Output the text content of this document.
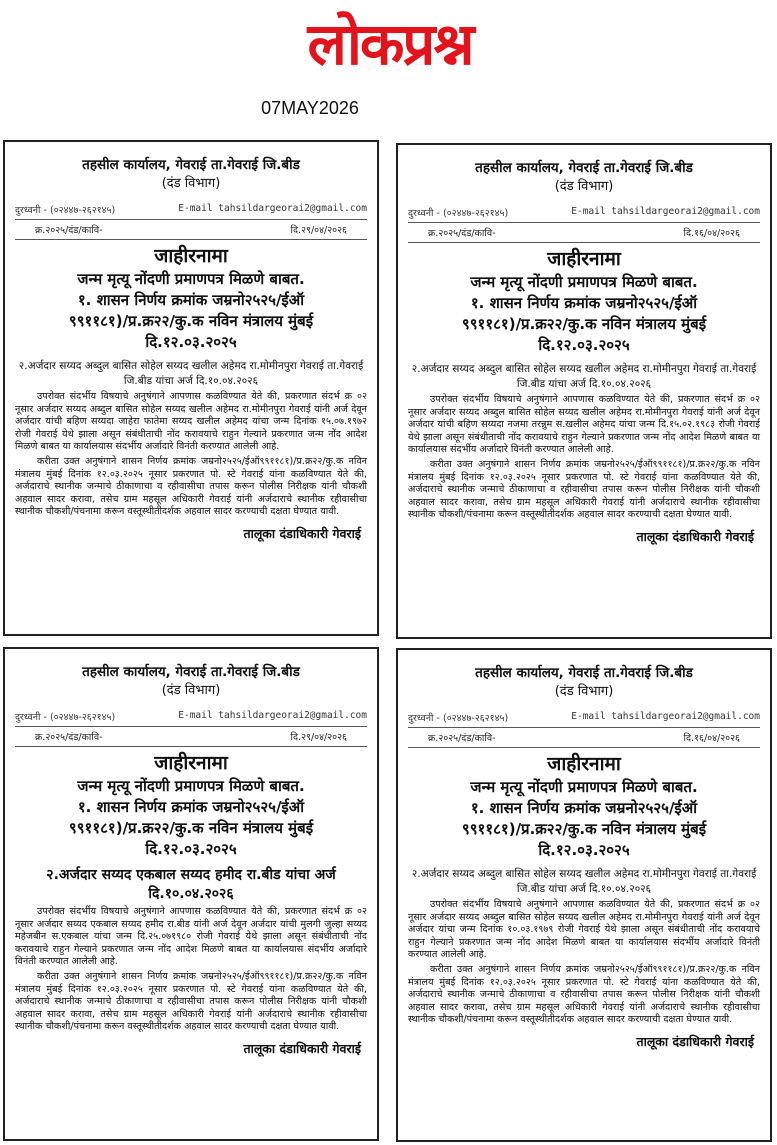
लोकप्रश्न
07MAY2026
तहसील कार्यालय, गेवराई ता.गेवराई जि.बीड
(दंड विभाग)
दुरध्वनी - (०२४४७-२६२१४५)	E-mail tahsildargeorai2@gmail.com
क्र.२०२५/दंड/कावि-	दि.२९/०४/२०२६
जाहीरनामा
जन्म मृत्यू नोंदणी प्रमाणपत्र मिळणे बाबत.
१. शासन निर्णय क्रमांक जम्रनो२५२५/ईऑ
९९११८१)/प्र.क्र२२/कु.क नविन मंत्रालय मुंबई
दि.१२.०३.२०२५
२.अर्जदार सय्यद अब्दुल बासित सोहेल सय्यद खलील अहेमद रा.मोमीनपुरा गेवराई ता.गेवराई जि.बीड यांचा अर्ज दि.१०.०४.२०२६
उपरोक्त संदर्भीय विषयाचे अनुषंगाने आपणास कळविण्यात येते की, प्रकरणात संदर्भ क्र ०२ नूसार अर्जदार सय्यद अब्दुल बासित सोहेल सय्यद खलील अहेमद रा.मोमीनपुरा गेवराई यांनी अर्ज देवून अर्जदार यांची बहिण सय्यदा जाहेरा फातेमा सय्यद खलील अहेमद यांचा जन्म दिनांक १५.०७.१९७२ रोजी गेवराई येथे झाला असून संबंधीताची नोंद करावयाचे राहुन गेल्याने प्रकरणात जन्म नोंद आदेश मिळणे बाबत या कार्यालयास संदर्भीय अर्जादारे विनंती करण्यात आलेली आहे.
करीता उक्त अनुषंगाने शासन निर्णय क्रमांक जम्रनो२५२५/ईऑ९९११८१)/प्र.क्र२२/कु.क नविन मंत्रालय मुंबई दिनांक १२.०३.२०२५ नूसार प्रकरणात पो. स्टे गेवराई यांना कळविण्यात येते की, अर्जदाराचे स्थानीक जन्माचे ठीकाणाचा व रहीवासीचा तपास करून पोलीस निरीक्षक यांनी चौकशी अहवाल सादर करावा, तसेच ग्राम महसूल अधिकारी गेवराई यांनी अर्जदाराचे स्थानीक रहीवासीचा स्थानीक चौकशी/पंचनामा करून वस्तूस्थीतीदर्शक अहवाल सादर करण्याची दक्षता घेण्यात यावी.
तालूका दंडाधिकारी गेवराई
तहसील कार्यालय, गेवराई ता.गेवराई जि.बीड
(दंड विभाग)
दुरध्वनी - (०२४४७-२६२१४५)	E-mail tahsildargeorai2@gmail.com
क्र.२०२५/दंड/कावि-	दि.१६/०४/२०२६
जाहीरनामा
जन्म मृत्यू नोंदणी प्रमाणपत्र मिळणे बाबत.
१. शासन निर्णय क्रमांक जम्रनो२५२५/ईऑ
९९११८१)/प्र.क्र२२/कु.क नविन मंत्रालय मुंबई
दि.१२.०३.२०२५
२.अर्जदार सय्यद अब्दुल बासित सोहेल सय्यद खलील अहेमद रा.मोमीनपुरा गेवराई ता.गेवराई जि.बीड यांचा अर्ज दि.१०.०४.२०२६
उपरोक्त संदर्भीय विषयाचे अनुषंगाने आपणास कळविण्यात येते की, प्रकरणात संदर्भ क्र ०२ नूसार अर्जदार सय्यद अब्दुल बासित सोहेल सय्यद खलील अहेमद रा.मोमीनपुरा गेवराई यांनी अर्ज देवून अर्जदार यांची बहिण सय्यदा नजमा तरन्नुम स.खलील अहेमद यांचा जन्म दि.१५.०२.१९८३ रोजी गेवराई येथे झाला असून संबंधीताची नोंद करावयाचे राहुन गेल्याने प्रकरणात जन्म नोंद आदेश मिळणे बाबत या कार्यालयास संदर्भीय अर्जादारे विनंती करण्यात आलेली आहे.
करीता उक्त अनुषंगाने शासन निर्णय क्रमांक जम्रनो२५२५/ईऑ९९११८१)/प्र.क्र२२/कु.क नविन मंत्रालय मुंबई दिनांक १२.०३.२०२५ नूसार प्रकरणात पो. स्टे गेवराई यांना कळविण्यात येते की, अर्जदाराचे स्थानीक जन्माचे ठीकाणाचा व रहीवासीचा तपास करून पोलीस निरीक्षक यांनी चौकशी अहवाल सादर करावा, तसेच ग्राम महसूल अधिकारी गेवराई यांनी अर्जदाराचे स्थानीक रहीवासीचा स्थानीक चौकशी/पंचनामा करून वस्तूस्थीतीदर्शक अहवाल सादर करण्याची दक्षता घेण्यात यावी.
तालूका दंडाधिकारी गेवराई
तहसील कार्यालय, गेवराई ता.गेवराई जि.बीड
(दंड विभाग)
दुरध्वनी - (०२४४७-२६२१४५)	E-mail tahsildargeorai2@gmail.com
क्र.२०२५/दंड/कावि-	दि.२९/०४/२०२६
जाहीरनामा
जन्म मृत्यू नोंदणी प्रमाणपत्र मिळणे बाबत.
१. शासन निर्णय क्रमांक जम्रनो२५२५/ईऑ
९९११८१)/प्र.क्र२२/कु.क नविन मंत्रालय मुंबई
दि.१२.०३.२०२५
२.अर्जदार सय्यद एकबाल सय्यद हमीद रा.बीड यांचा अर्ज दि.१०.०४.२०२६
उपरोक्त संदर्भीय विषयाचे अनुषंगाने आपणास कळविण्यात येते की, प्रकरणात संदर्भ क्र ०२ नूसार अर्जदार सय्यद एकबाल सय्यद हमीद रा.बीड यांनी अर्ज देवून अर्जदार यांची मुलगी जुल्हा सय्यद महेजबीन स.एकबाल यांचा जन्म दि.२५.०७१९८० रोजी गेवराई येथे झाला असून संबंधीताची नोंद करावयाचे राहुन गेल्याने प्रकरणात जन्म नोंद आदेश मिळणे बाबत या कार्यालयास संदर्भीय अर्जादारे विनंती करण्यात आलेली आहे.
करीता उक्त अनुषंगाने शासन निर्णय क्रमांक जम्रनो२५२५/ईऑ९९११८१)/प्र.क्र२२/कु.क नविन मंत्रालय मुंबई दिनांक १२.०३.२०२५ नूसार प्रकरणात पो. स्टे गेवराई यांना कळविण्यात येते की, अर्जदाराचे स्थानीक जन्माचे ठीकाणाचा व रहीवासीचा तपास करून पोलीस निरीक्षक यांनी चौकशी अहवाल सादर करावा, तसेच ग्राम महसूल अधिकारी गेवराई यांनी अर्जदाराचे स्थानीक रहीवासीचा स्थानीक चौकशी/पंचनामा करून वस्तूस्थीतीदर्शक अहवाल सादर करण्याची दक्षता घेण्यात यावी.
तालूका दंडाधिकारी गेवराई
तहसील कार्यालय, गेवराई ता.गेवराई जि.बीड
(दंड विभाग)
दुरध्वनी - (०२४४७-२६२१४५)	E-mail tahsildargeorai2@gmail.com
क्र.२०२५/दंड/कावि-	दि.१६/०४/२०२६
जाहीरनामा
जन्म मृत्यू नोंदणी प्रमाणपत्र मिळणे बाबत.
१. शासन निर्णय क्रमांक जम्रनो२५२५/ईऑ
९९११८१)/प्र.क्र२२/कु.क नविन मंत्रालय मुंबई
दि.१२.०३.२०२५
२.अर्जदार सय्यद अब्दुल बासित सोहेल सय्यद खलील अहेमद रा.मोमीनपुरा गेवराई ता.गेवराई जि.बीड यांचा अर्ज दि.१०.०४.२०२६
उपरोक्त संदर्भीय विषयाचे अनुषंगाने आपणास कळविण्यात येते की, प्रकरणात संदर्भ क्र ०२ नूसार अर्जदार सय्यद अब्दुल बासित सोहेल सय्यद खलील अहेमद रा.मोमीनपुरा गेवराई यांनी अर्ज देवून अर्जदार यांचा जन्म दिनांक १०.०३.१९७९ रोजी गेवराई येथे झाला असून संबंधीताची नोंद करावयाचे राहुन गेल्याने प्रकरणात जन्म नोंद आदेश मिळणे बाबत या कार्यालयास संदर्भीय अर्जादारे विनंती करण्यात आलेली आहे.
करीता उक्त अनुषंगाने शासन निर्णय क्रमांक जम्रनो२५२५/ईऑ९९११८१)/प्र.क्र२२/कु.क नविन मंत्रालय मुंबई दिनांक १२.०३.२०२५ नूसार प्रकरणात पो. स्टे गेवराई यांना कळविण्यात येते की, अर्जदाराचे स्थानीक जन्माचे ठीकाणाचा व रहीवासीचा तपास करून पोलीस निरीक्षक यांनी चौकशी अहवाल सादर करावा, तसेच ग्राम महसूल अधिकारी गेवराई यांनी अर्जदाराचे स्थानीक रहीवासीचा स्थानीक चौकशी/पंचनामा करून वस्तूस्थीतीदर्शक अहवाल सादर करण्याची दक्षता घेण्यात यावी.
तालूका दंडाधिकारी गेवराई
